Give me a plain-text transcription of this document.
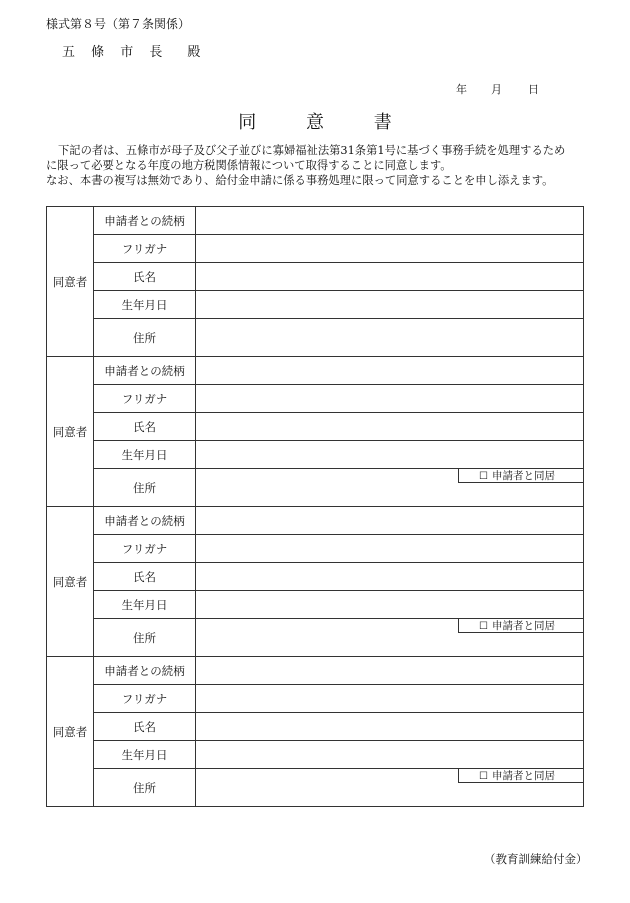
様式第８号（第７条関係）
五 條 市 長　殿
年 月 日
同 意 書

下記の者は、五條市が母子及び父子並びに寡婦福祉法第31条第1号に基づく事務手続を処理するため

に限って必要となる年度の地方税関係情報について取得することに同意します。

なお、本書の複写は無効であり、給付金申請に係る事務処理に限って同意することを申し添えます。

同意者	申請者との続柄	
	フリガナ	
	氏名	
	生年月日	
	住所	
同意者	申請者との続柄	
	フリガナ	
	氏名	
	生年月日	
	住所	☐ 申請者と同居

同意者	申請者との続柄	
	フリガナ	
	氏名	
	生年月日	
	住所	☐ 申請者と同居

同意者	申請者との続柄	
	フリガナ	
	氏名	
	生年月日	
	住所	☐ 申請者と同居
（教育訓練給付金）
